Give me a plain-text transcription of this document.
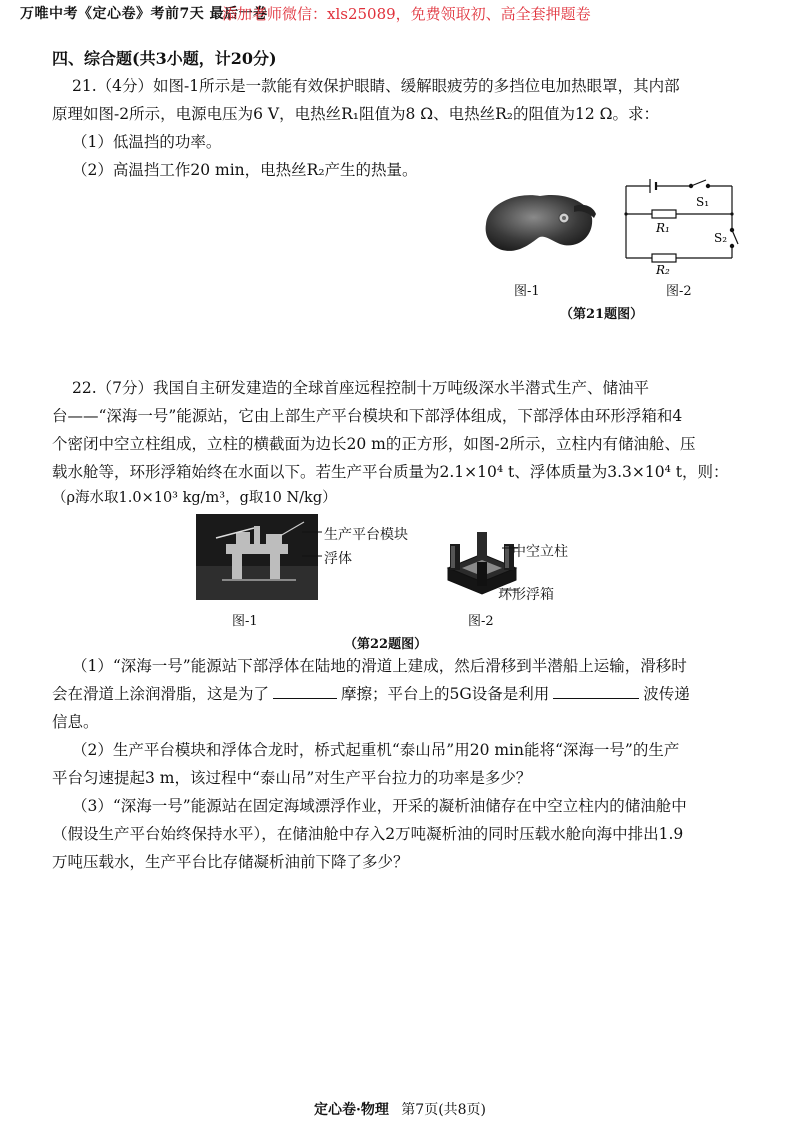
万唯中考《定心卷》考前7天 最后一卷
添加老师微信：xls25089，免费领取初、高全套押题卷
四、综合题(共3小题，计20分)
21.（4分）如图-1所示是一款能有效保护眼睛、缓解眼疲劳的多挡位电加热眼罩，其内部
原理如图-2所示，电源电压为6 V，电热丝R₁阻值为8 Ω、电热丝R₂的阻值为12 Ω。求：
（1）低温挡的功率。
（2）高温挡工作20 min，电热丝R₂产生的热量。
S₁
R₁
S₂
R₂
图-1	图-2
（第21题图）
22.（7分）我国自主研发建造的全球首座远程控制十万吨级深水半潜式生产、储油平
台——“深海一号”能源站，它由上部生产平台模块和下部浮体组成，下部浮体由环形浮箱和4
个密闭中空立柱组成，立柱的横截面为边长20 m的正方形，如图-2所示，立柱内有储油舱、压
载水舱等，环形浮箱始终在水面以下。若生产平台质量为2.1×10⁴ t、浮体质量为3.3×10⁴ t，则：
（ρ海水取1.0×10³ kg/m³，g取10 N/kg）
生产平台模块
浮体	中空立柱
环形浮箱
图-1	图-2
（第22题图）
（1）“深海一号”能源站下部浮体在陆地的滑道上建成，然后滑移到半潜船上运输，滑移时
会在滑道上涂润滑脂，这是为了	摩擦；平台上的5G设备是利用	波传递
信息。
（2）生产平台模块和浮体合龙时，桥式起重机“泰山吊”用20 min能将“深海一号”的生产
平台匀速提起3 m，该过程中“泰山吊”对生产平台拉力的功率是多少？
（3）“深海一号”能源站在固定海域漂浮作业，开采的凝析油储存在中空立柱内的储油舱中
（假设生产平台始终保持水平），在储油舱中存入2万吨凝析油的同时压载水舱向海中排出1.9
万吨压载水，生产平台比存储凝析油前下降了多少？
定心卷·物理 第7页(共8页)
